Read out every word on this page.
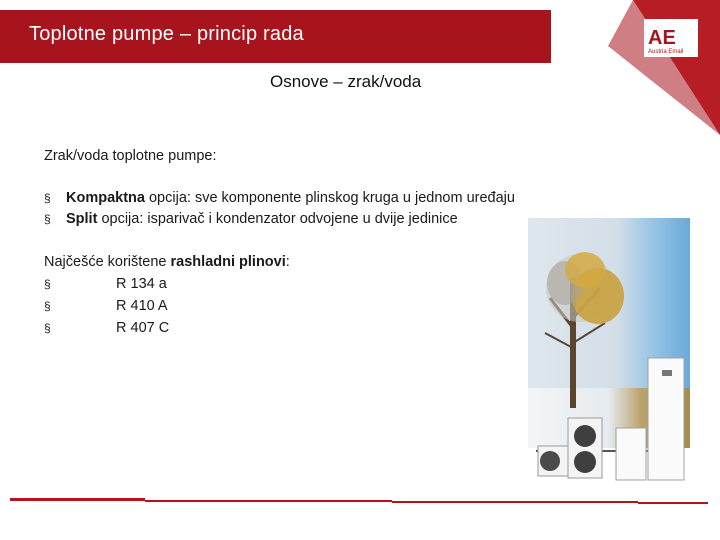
Toplotne pumpe – princip rada	AE
Austria Email
Osnove – zrak/voda
Zrak/voda toplotne pumpe:
§ Kompaktna opcija: sve komponente plinskog kruga u jednom uređaju
§ Split opcija: isparivač i kondenzator odvojene u dvije jedinice
Najčešće korištene rashladni plinovi:
§	R 134 a
§	R 410 A
§	R 407 C
